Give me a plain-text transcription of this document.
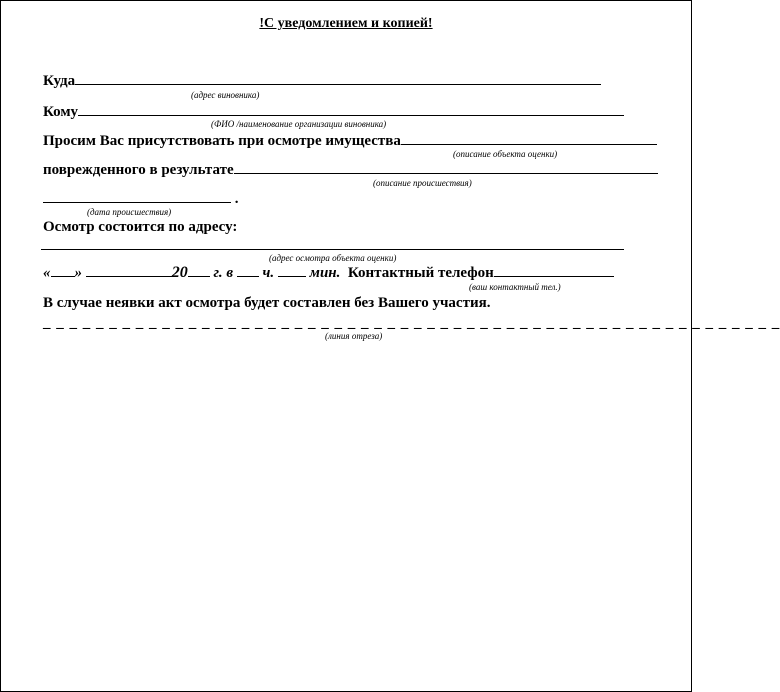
!С уведомлением и копией!
Куда
(адрес виновника)
Кому
(ФИО /наименование организации виновника)
Просим Вас присутствовать при осмотре имущества
(описание объекта оценки)
поврежденного в результате
(описание происшествия)
.
(дата происшествия)
Осмотр состоится по адресу:
(адрес осмотра объекта оценки)
« »	20 г. в ч. мин. Контактный телефон
(ваш контактный тел.)
В случае неявки акт осмотра будет составлен без Вашего участия.
_ _ _ _ _ _ _ _ _ _ _ _ _ _ _ _ _ _ _ _ _ _ _ _ _ _ _ _ _ _ _ _ _ _ _ _ _ _ _ _ _ _ _ _ _ _ _ _ _ _ _ _ _ _ _ _
(линия отреза)
